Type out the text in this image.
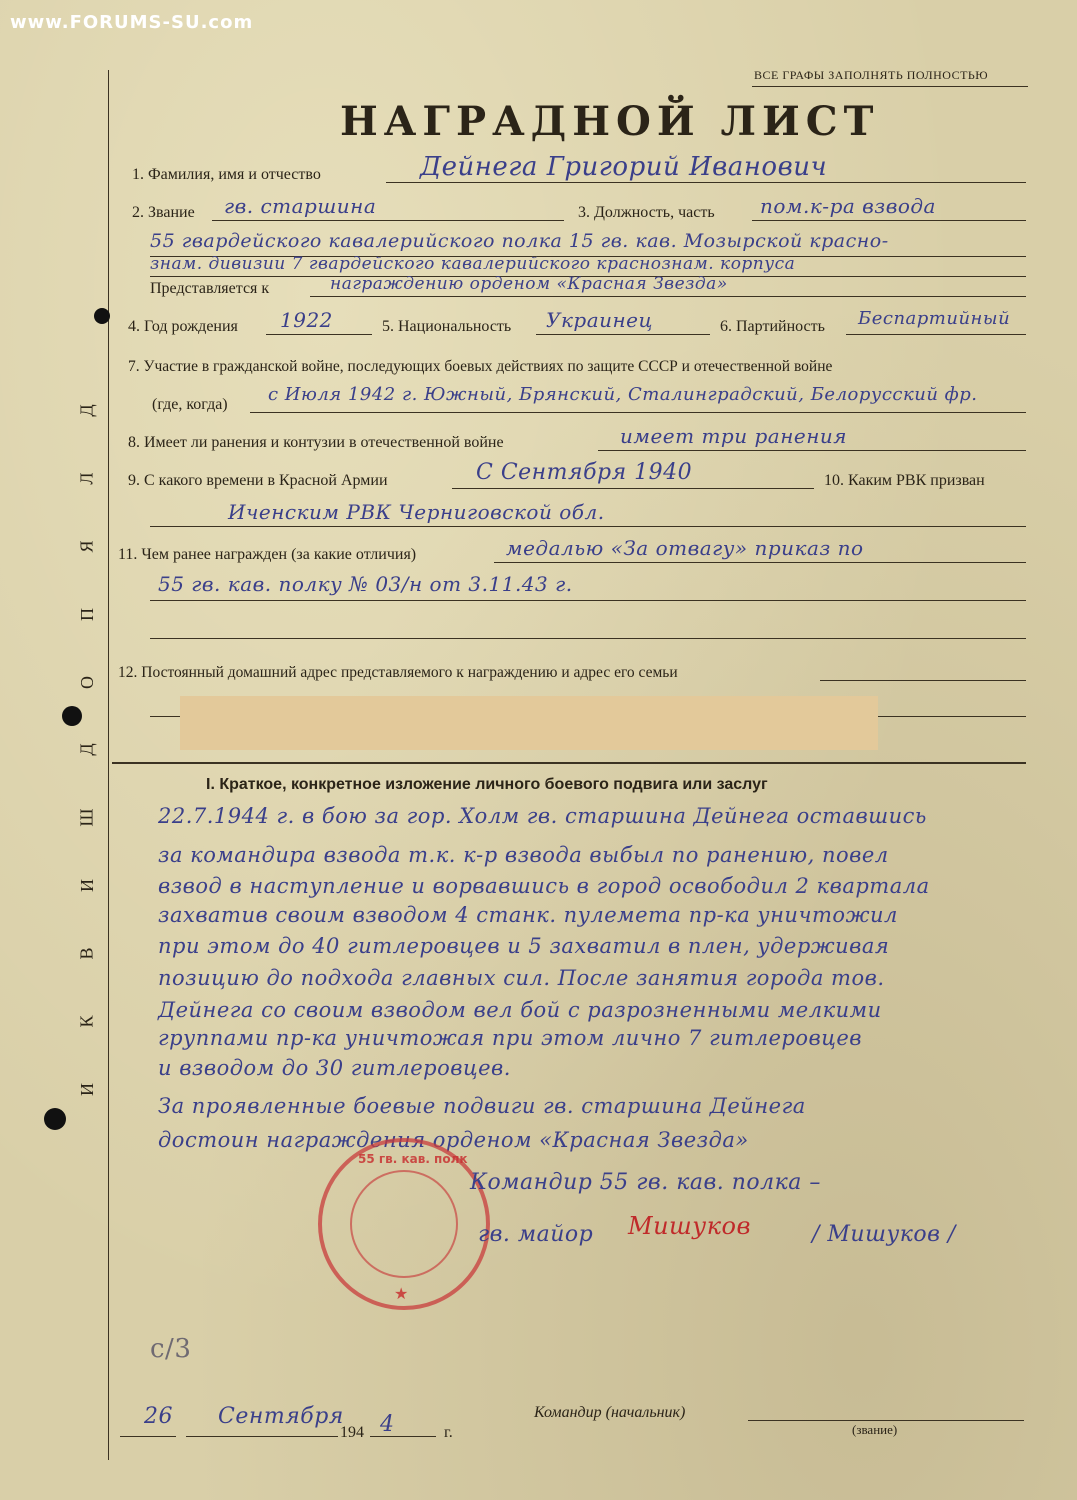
www.FORUMS-SU.com
ВСЕ ГРАФЫ ЗАПОЛНЯТЬ ПОЛНОСТЬЮ
НАГРАДНОЙ ЛИСТ
Д
Л
Я
П
О
Д
Ш
И
В
К
И
1. Фамилия, имя и отчество	Дейнега Григорий Иванович
2. Звание гв. старшина	3. Должность, часть пом.к-ра взвода
55 гвардейского кавалерийского полка 15 гв. кав. Мозырской красно-
знам. дивизии 7 гвардейского кавалерийского краснознам. корпуса
Представляется к	награждению орденом «Красная Звезда»
4. Год рождения 1922	5. Национальность Украинец	6. Партийность Беспартийный
7. Участие в гражданской войне, последующих боевых действиях по защите СССР и отечественной войне
(где, когда) с Июля 1942 г. Южный, Брянский, Сталинградский, Белорусский фр.
8. Имеет ли ранения и контузии в отечественной войне	имеет три ранения
9. С какого времени в Красной Армии	С Сентября 1940	10. Каким РВК призван
Иченским РВК Черниговской обл.
11. Чем ранее награжден (за какие отличия)	медалью «За отвагу» приказ по
55 гв. кав. полку № 03/н от 3.11.43 г.
12. Постоянный домашний адрес представляемого к награждению и адрес его семьи
I. Краткое, конкретное изложение личного боевого подвига или заслуг
22.7.1944 г. в бою за гор. Холм гв. старшина Дейнега оставшись
за командира взвода т.к. к-р взвода выбыл по ранению, повел
взвод в наступление и ворвавшись в город освободил 2 квартала
захватив своим взводом 4 станк. пулемета пр-ка уничтожил
при этом до 40 гитлеровцев и 5 захватил в плен, удерживая
позицию до подхода главных сил. После занятия города тов.
Дейнега со своим взводом вел бой с разрозненными мелкими
группами пр-ка уничтожая при этом лично 7 гитлеровцев
и взводом до 30 гитлеровцев.
За проявленные боевые подвиги гв. старшина Дейнега
достоин награждения орденом «Красная Звезда»
55 гв. кав. полк
★
Командир 55 гв. кав. полка –
гв. майор Мишуков	/ Мишуков /
с/3
26 Сентября
194 4	г.
Командир (начальник)
(звание)
